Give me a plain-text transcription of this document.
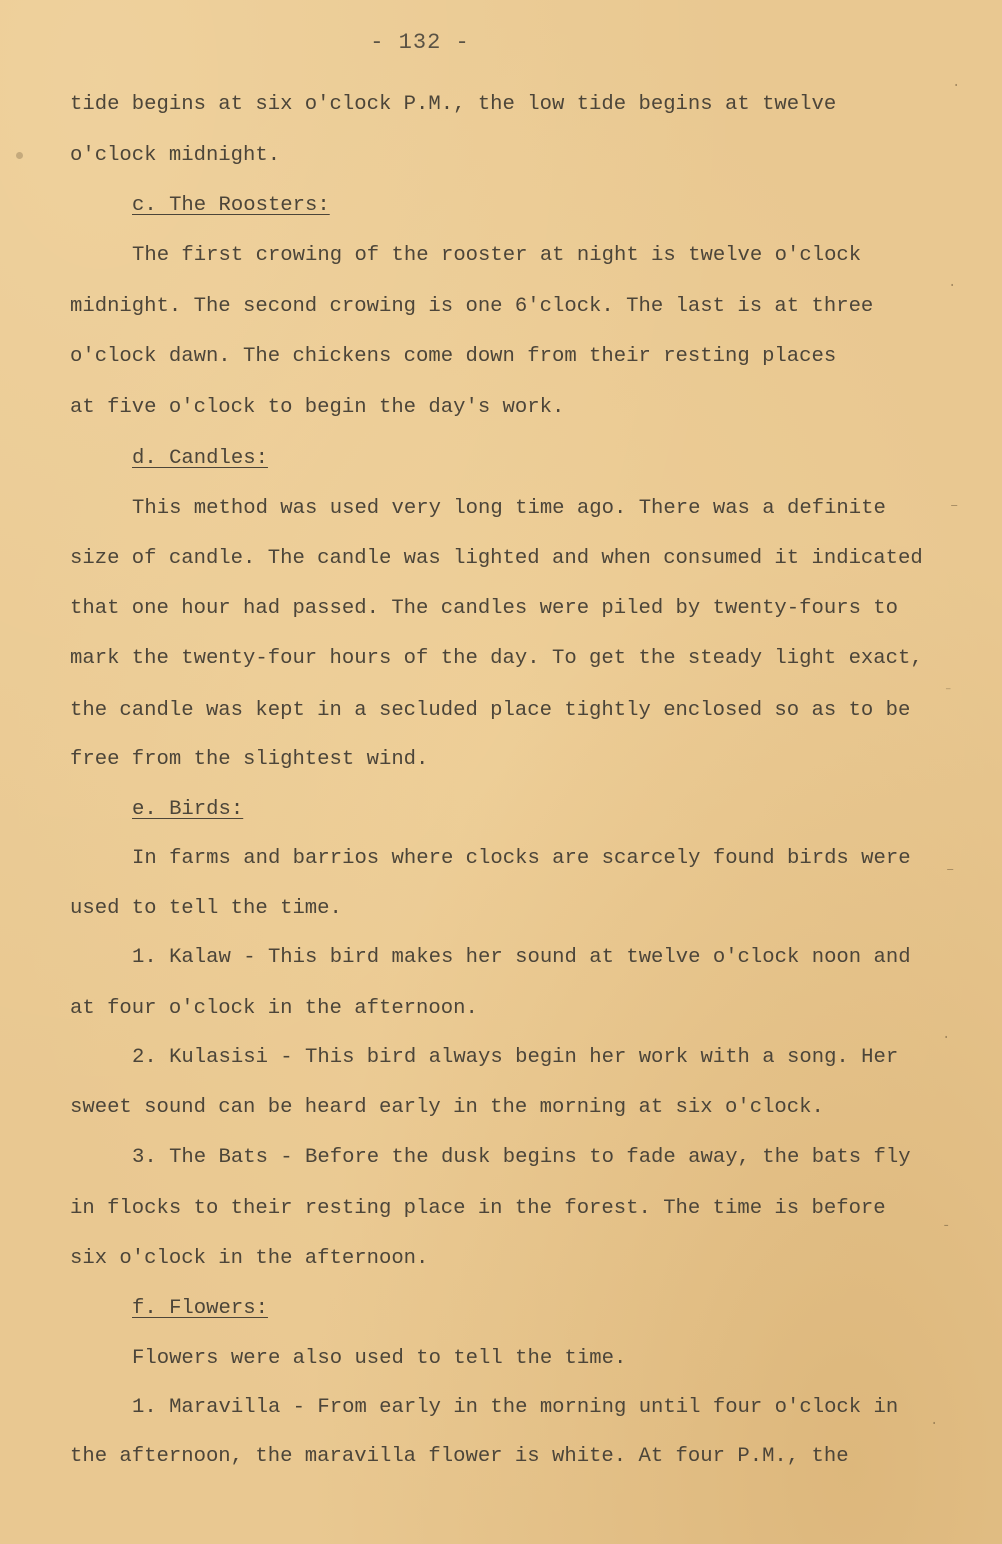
- 132 -
tide begins at six o'clock P.M., the low tide begins at twelve
o'clock midnight.
c. The Roosters:
The first crowing of the rooster at night is twelve o'clock
midnight. The second crowing is one 6'clock. The last is at three
o'clock dawn. The chickens come down from their resting places
at five o'clock to begin the day's work.
d. Candles:
This method was used very long time ago. There was a definite
size of candle. The candle was lighted and when consumed it indicated
that one hour had passed. The candles were piled by twenty-fours to
mark the twenty-four hours of the day. To get the steady light exact,
the candle was kept in a secluded place tightly enclosed so as to be
free from the slightest wind.
e. Birds:
In farms and barrios where clocks are scarcely found birds were
used to tell the time.
1. Kalaw - This bird makes her sound at twelve o'clock noon and
at four o'clock in the afternoon.
2. Kulasisi - This bird always begin her work with a song. Her
sweet sound can be heard early in the morning at six o'clock.
3. The Bats - Before the dusk begins to fade away, the bats fly
in flocks to their resting place in the forest. The time is before
six o'clock in the afternoon.
f. Flowers:
Flowers were also used to tell the time.
1. Maravilla - From early in the morning until four o'clock in
the afternoon, the maravilla flower is white. At four P.M., the
·
·
–
⁻
–
·
-
·
